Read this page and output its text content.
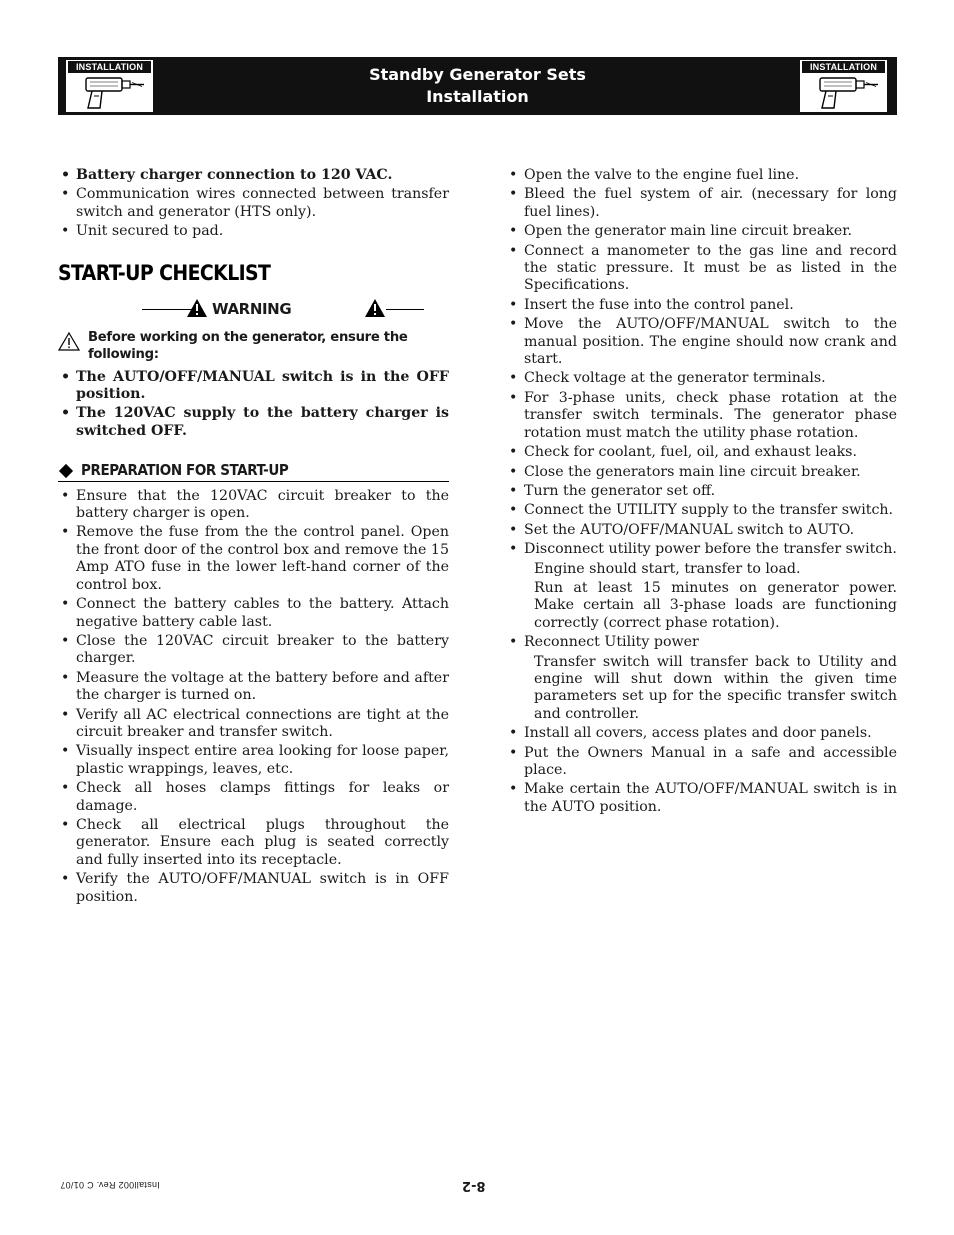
INSTALLATION	Standby Generator Sets
Installation
INSTALLATION
• Battery charger connection to 120 VAC.
• Communication wires connected between transfer switch and generator (HTS only).
• Unit secured to pad.
START-UP CHECKLIST
WARNING
Before working on the generator, ensure the following:
• The AUTO/OFF/MANUAL switch is in the OFF position.
• The 120VAC supply to the battery charger is switched OFF.
PREPARATION FOR START-UP
• Ensure that the 120VAC circuit breaker to the battery charger is open.
• Remove the fuse from the the control panel. Open the front door of the control box and remove the 15 Amp ATO fuse in the lower left-hand corner of the control box.
• Connect the battery cables to the battery. Attach negative battery cable last.
• Close the 120VAC circuit breaker to the battery charger.
• Measure the voltage at the battery before and after the charger is turned on.
• Verify all AC electrical connections are tight at the circuit breaker and transfer switch.
• Visually inspect entire area looking for loose paper, plastic wrappings, leaves, etc.
• Check all hoses clamps fittings for leaks or damage.
• Check all electrical plugs throughout the generator. Ensure each plug is seated correctly and fully inserted into its receptacle.
• Verify the AUTO/OFF/MANUAL switch is in OFF position.
• Open the valve to the engine fuel line.
• Bleed the fuel system of air. (necessary for long fuel lines).
• Open the generator main line circuit breaker.
• Connect a manometer to the gas line and record the static pressure. It must be as listed in the Specifications.
• Insert the fuse into the control panel.
• Move the AUTO/OFF/MANUAL switch to the manual position. The engine should now crank and start.
• Check voltage at the generator terminals.
• For 3-phase units, check phase rotation at the transfer switch terminals. The generator phase rotation must match the utility phase rotation.
• Check for coolant, fuel, oil, and exhaust leaks.
• Close the generators main line circuit breaker.
• Turn the generator set off.
• Connect the UTILITY supply to the transfer switch.
• Set the AUTO/OFF/MANUAL switch to AUTO.
• Disconnect utility power before the transfer switch.

Engine should start, transfer to load.

Run at least 15 minutes on generator power. Make certain all 3-phase loads are functioning correctly (correct phase rotation).

• Reconnect Utility power

Transfer switch will transfer back to Utility and engine will shut down within the given time parameters set up for the specific transfer switch and controller.

• Install all covers, access plates and door panels.
• Put the Owners Manual in a safe and accessible place.
• Make certain the AUTO/OFF/MANUAL switch is in the AUTO position.
8-2
Install002 Rev. C 01/07
